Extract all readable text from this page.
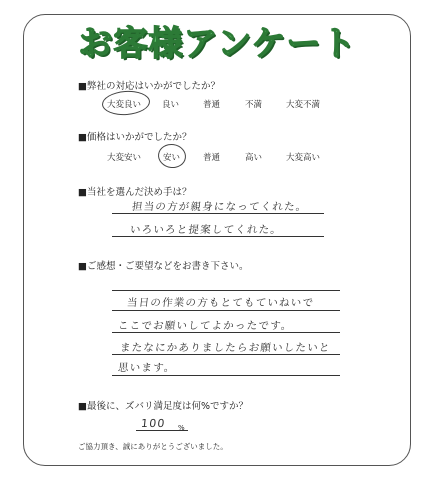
お客様アンケート
■弊社の対応はいかがでしたか？
大変良い 良い	普通	不満	大変不満
■価格はいかがでしたか？
大変安い	安い	普通	高い	大変高い
■当社を選んだ決め手は？
担当の方が親身になってくれた。
いろいろと提案してくれた。
■ご感想・ご要望などをお書き下さい。
当日の作業の方もとてもていねいで
ここでお願いしてよかったです。
またなにかありましたらお願いしたいと
思います。
■最後に、ズバリ満足度は何%ですか？
100 %
ご協力頂き、誠にありがとうございました。
